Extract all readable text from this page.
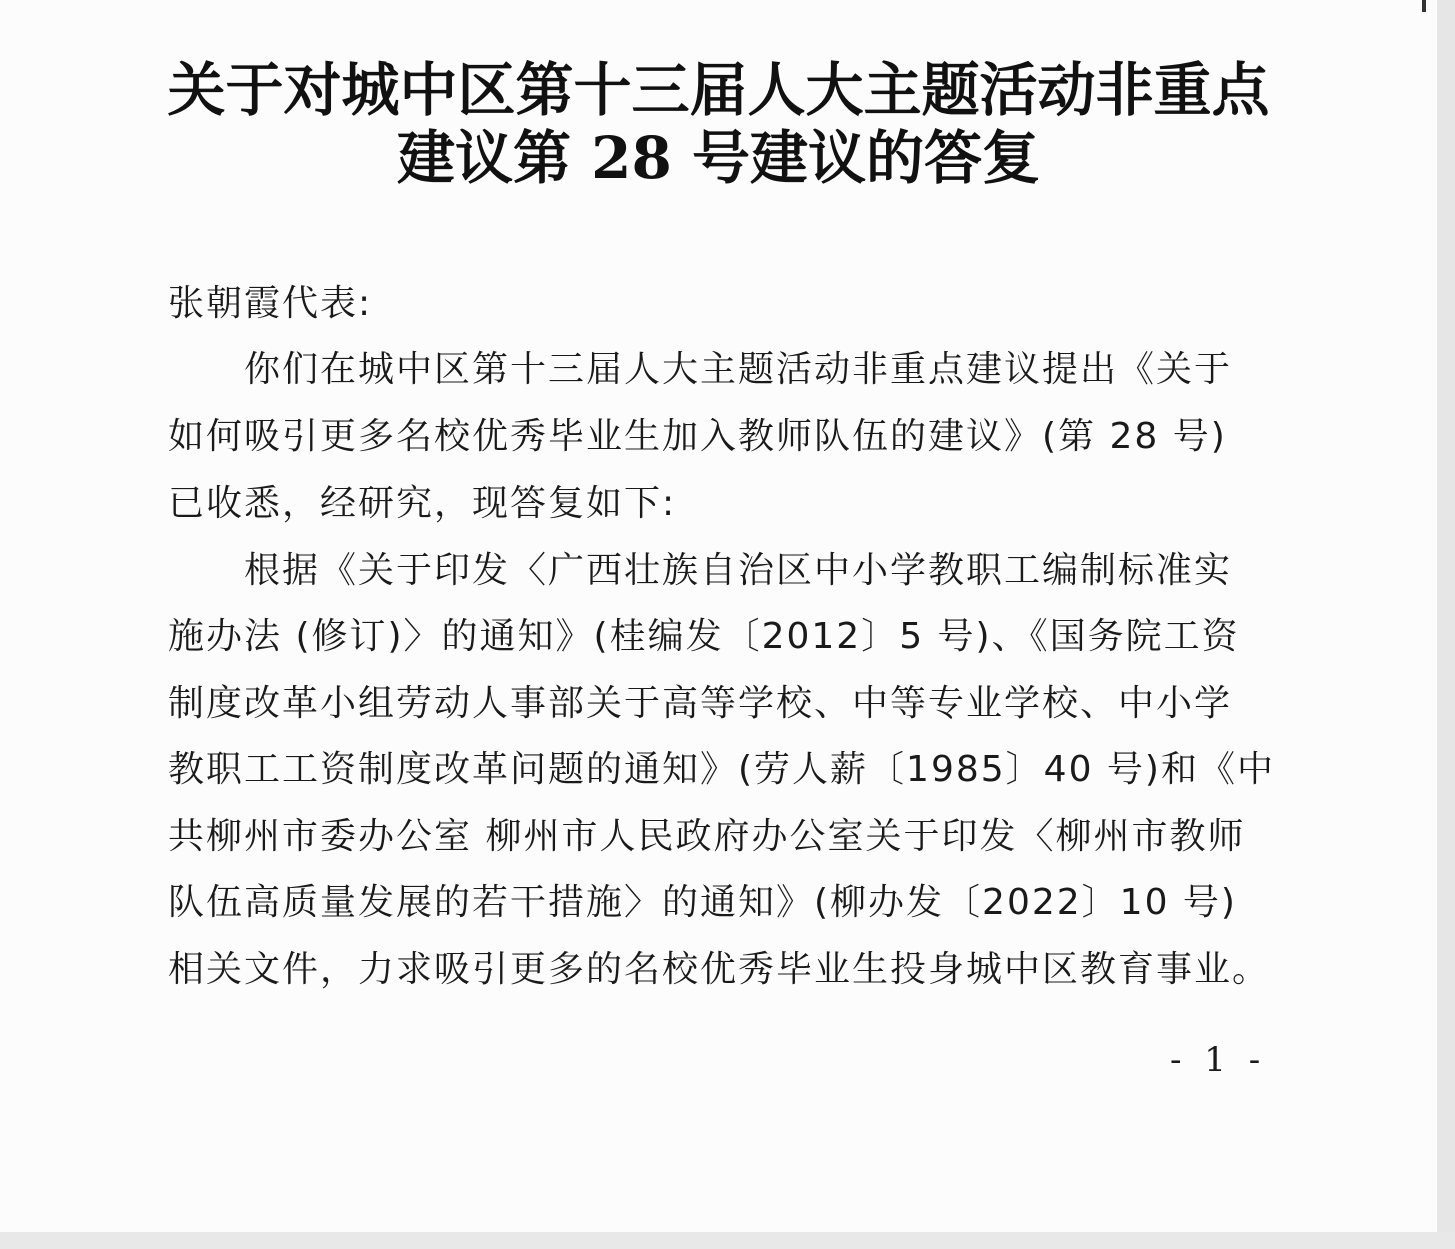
关于对城中区第十三届人大主题活动非重点
建议第 28 号建议的答复
张朝霞代表:
你们在城中区第十三届人大主题活动非重点建议提出《关于
如何吸引更多名校优秀毕业生加入教师队伍的建议》(第 28 号)
已收悉，经研究，现答复如下:
根据《关于印发〈广西壮族自治区中小学教职工编制标准实
施办法 (修订)〉的通知》(桂编发〔2012〕5 号)、《国务院工资
制度改革小组劳动人事部关于高等学校、中等专业学校、中小学
教职工工资制度改革问题的通知》(劳人薪〔1985〕40 号)和《中
共柳州市委办公室 柳州市人民政府办公室关于印发〈柳州市教师
队伍高质量发展的若干措施〉的通知》(柳办发〔2022〕10 号)
相关文件，力求吸引更多的名校优秀毕业生投身城中区教育事业。
- 1 -
